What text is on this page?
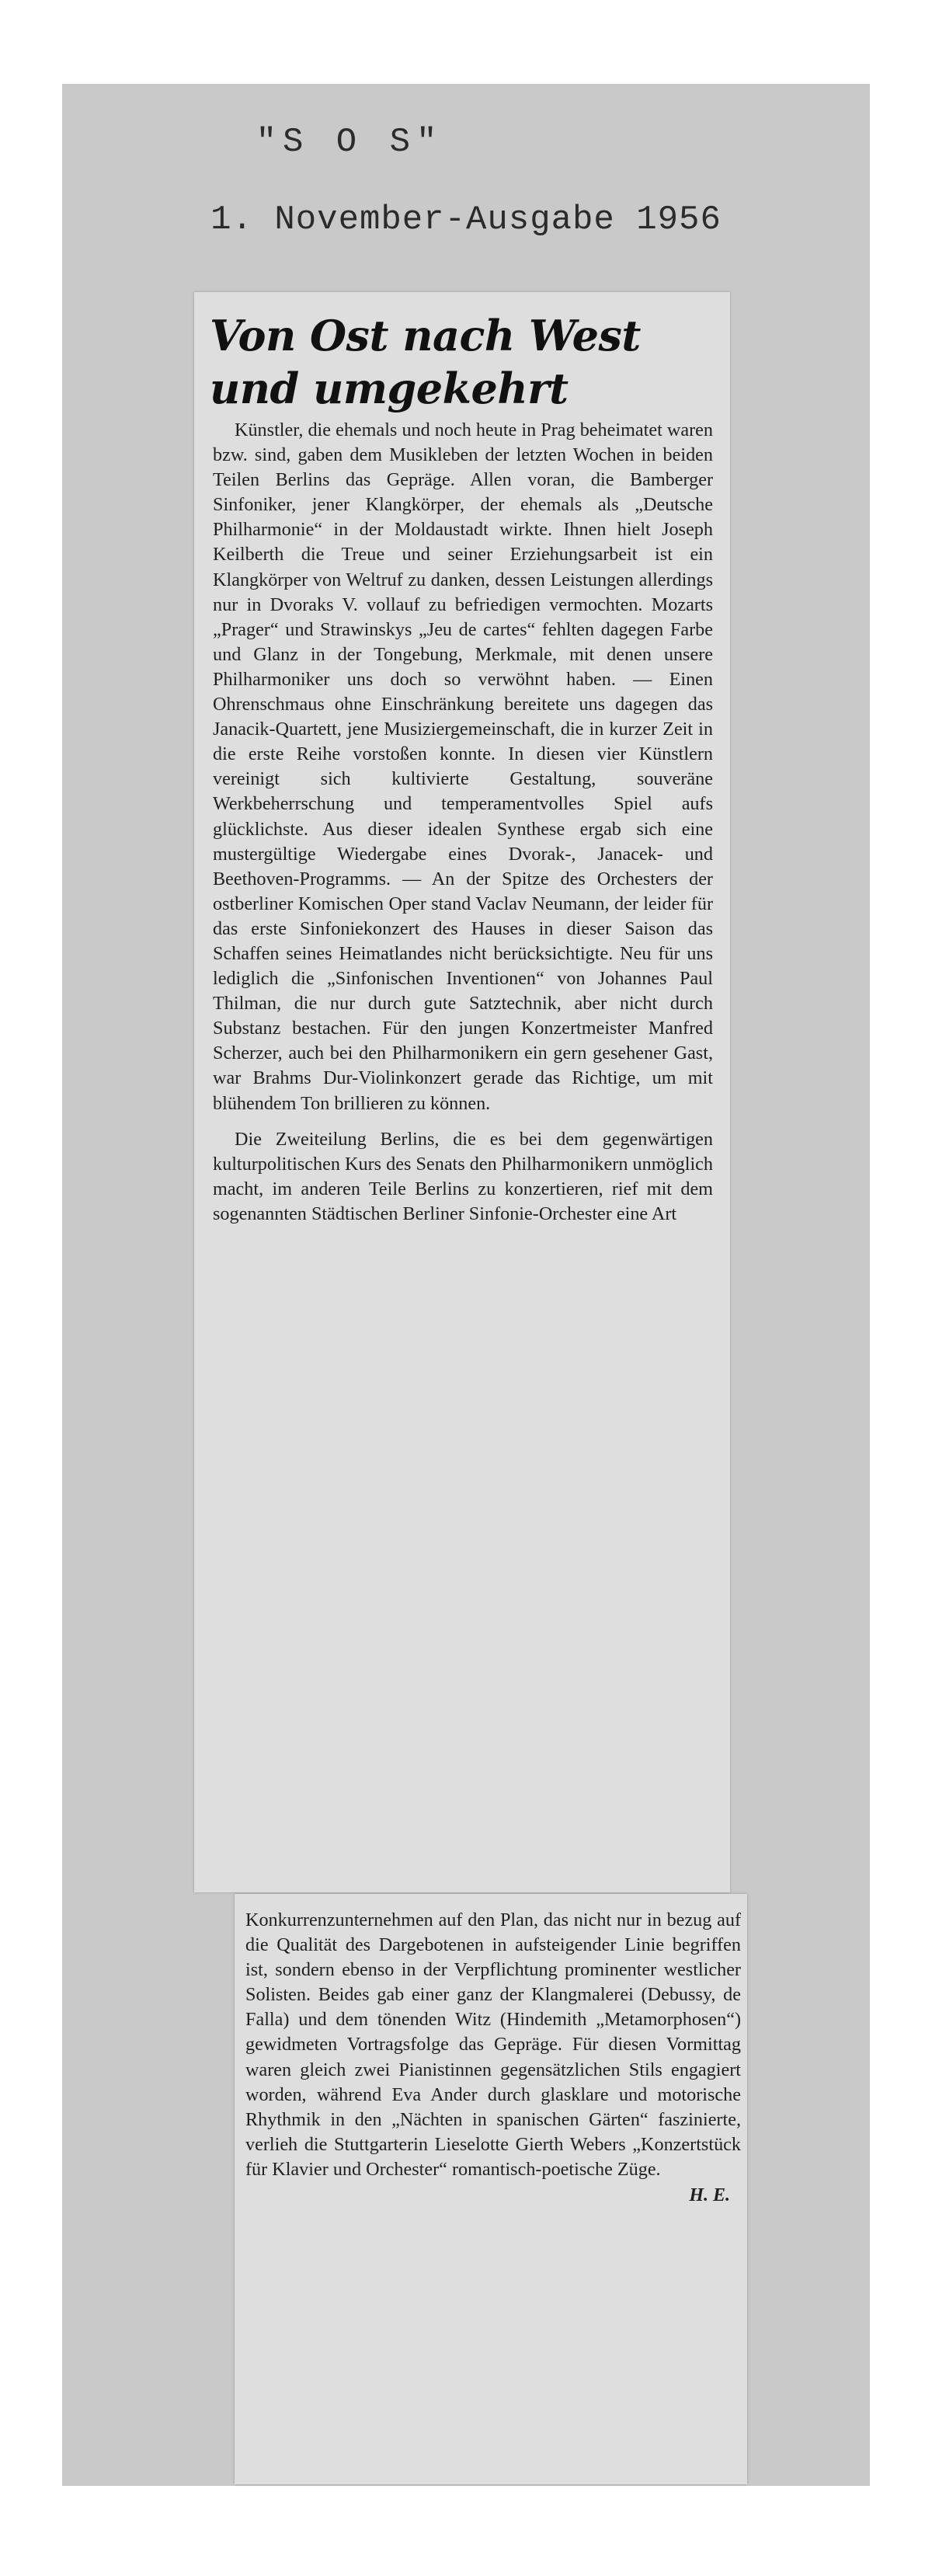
"S O S"
1. November-Ausgabe 1956
Von Ost nach West
und umgekehrt

Künstler, die ehemals und noch heute in Prag beheimatet waren bzw. sind, gaben dem Musikleben der letzten Wochen in beiden Teilen Berlins das Gepräge. Allen voran, die Bamberger Sinfoniker, jener Klangkörper, der ehemals als „Deutsche Philharmonie“ in der Moldaustadt wirkte. Ihnen hielt Joseph Keilberth die Treue und seiner Erziehungsarbeit ist ein Klangkörper von Weltruf zu danken, dessen Leistungen allerdings nur in Dvoraks V. vollauf zu befriedigen vermochten. Mozarts „Prager“ und Strawinskys „Jeu de cartes“ fehlten dagegen Farbe und Glanz in der Tongebung, Merkmale, mit denen unsere Philharmoniker uns doch so verwöhnt haben. — Einen Ohrenschmaus ohne Einschränkung bereitete uns dagegen das Janacik-Quartett, jene Musiziergemeinschaft, die in kurzer Zeit in die erste Reihe vorstoßen konnte. In diesen vier Künstlern vereinigt sich kultivierte Gestaltung, souveräne Werkbeherrschung und temperamentvolles Spiel aufs glücklichste. Aus dieser idealen Synthese ergab sich eine mustergültige Wiedergabe eines Dvorak-, Janacek- und Beethoven-Programms. — An der Spitze des Orchesters der ostberliner Komischen Oper stand Vaclav Neumann, der leider für das erste Sinfoniekonzert des Hauses in dieser Saison das Schaffen seines Heimatlandes nicht berücksichtigte. Neu für uns lediglich die „Sinfonischen Inventionen“ von Johannes Paul Thilman, die nur durch gute Satztechnik, aber nicht durch Substanz bestachen. Für den jungen Konzertmeister Manfred Scherzer, auch bei den Philharmonikern ein gern gesehener Gast, war Brahms Dur-Violinkonzert gerade das Richtige, um mit blühendem Ton brillieren zu können.

Die Zweiteilung Berlins, die es bei dem gegenwärtigen kulturpolitischen Kurs des Senats den Philharmonikern unmöglich macht, im anderen Teile Berlins zu konzertieren, rief mit dem sogenannten Städtischen Berliner Sinfonie-Orchester eine Art

Konkurrenzunternehmen auf den Plan, das nicht nur in bezug auf die Qualität des Dargebotenen in aufsteigender Linie begriffen ist, sondern ebenso in der Verpflichtung prominenter westlicher Solisten. Beides gab einer ganz der Klangmalerei (Debussy, de Falla) und dem tönenden Witz (Hindemith „Metamorphosen“) gewidmeten Vortragsfolge das Gepräge. Für diesen Vormittag waren gleich zwei Pianistinnen gegensätzlichen Stils engagiert worden, während Eva Ander durch glasklare und motorische Rhythmik in den „Nächten in spanischen Gärten“ faszinierte, verlieh die Stuttgarterin Lieselotte Gierth Webers „Konzertstück für Klavier und Orchester“ romantisch-poetische Züge.

H. E.
